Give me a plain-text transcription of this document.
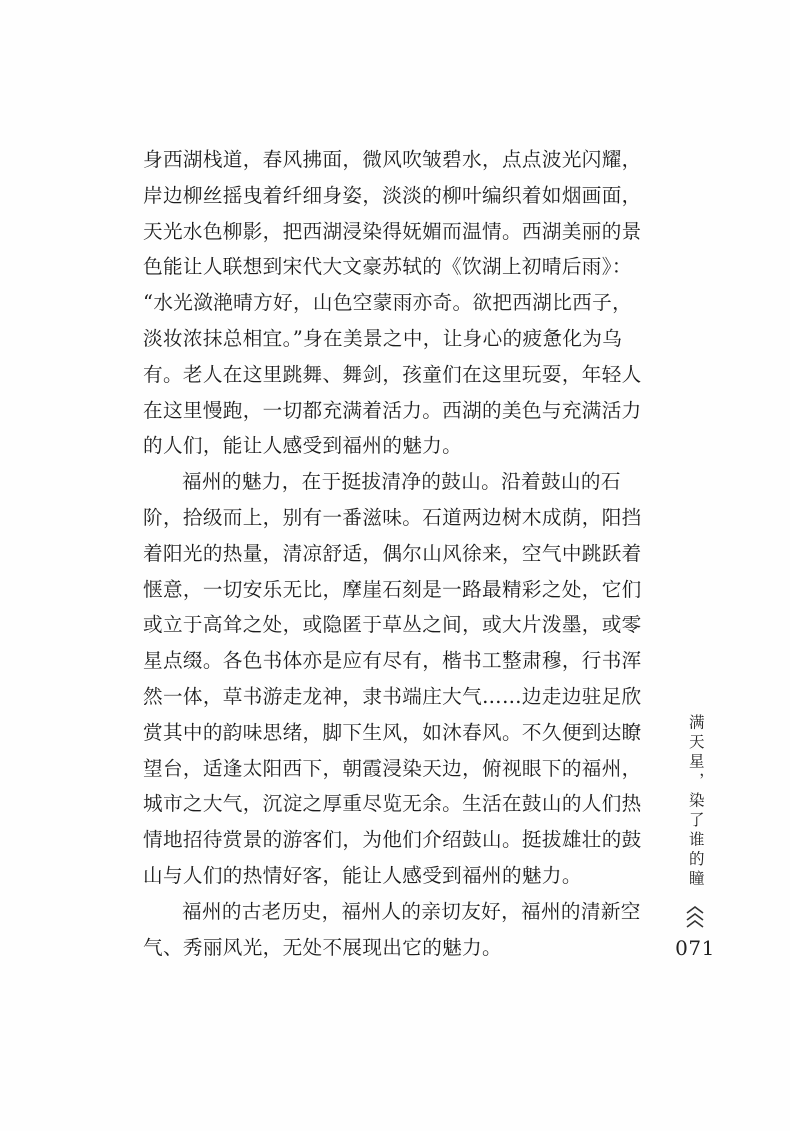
身西湖栈道，春风拂面，微风吹皱碧水，点点波光闪耀，
岸边柳丝摇曳着纤细身姿，淡淡的柳叶编织着如烟画面，
天光水色柳影，把西湖浸染得妩媚而温情。西湖美丽的景
色能让人联想到宋代大文豪苏轼的《饮湖上初晴后雨》：
“水光潋滟晴方好，山色空蒙雨亦奇。欲把西湖比西子，
淡妆浓抹总相宜。”身在美景之中，让身心的疲惫化为乌
有。老人在这里跳舞、舞剑，孩童们在这里玩耍，年轻人
在这里慢跑，一切都充满着活力。西湖的美色与充满活力
的人们，能让人感受到福州的魅力。
福州的魅力，在于挺拔清净的鼓山。沿着鼓山的石
阶，拾级而上，别有一番滋味。石道两边树木成荫，阳挡
着阳光的热量，清凉舒适，偶尔山风徐来，空气中跳跃着
惬意，一切安乐无比，摩崖石刻是一路最精彩之处，它们
或立于高耸之处，或隐匿于草丛之间，或大片泼墨，或零
星点缀。各色书体亦是应有尽有，楷书工整肃穆，行书浑
然一体，草书游走龙神，隶书端庄大气……边走边驻足欣
赏其中的韵味思绪，脚下生风，如沐春风。不久便到达瞭
望台，适逢太阳西下，朝霞浸染天边，俯视眼下的福州，
城市之大气，沉淀之厚重尽览无余。生活在鼓山的人们热
情地招待赏景的游客们，为他们介绍鼓山。挺拔雄壮的鼓
山与人们的热情好客，能让人感受到福州的魅力。
福州的古老历史，福州人的亲切友好，福州的清新空
气、秀丽风光，无处不展现出它的魅力。
满天星，染了谁的瞳
071
